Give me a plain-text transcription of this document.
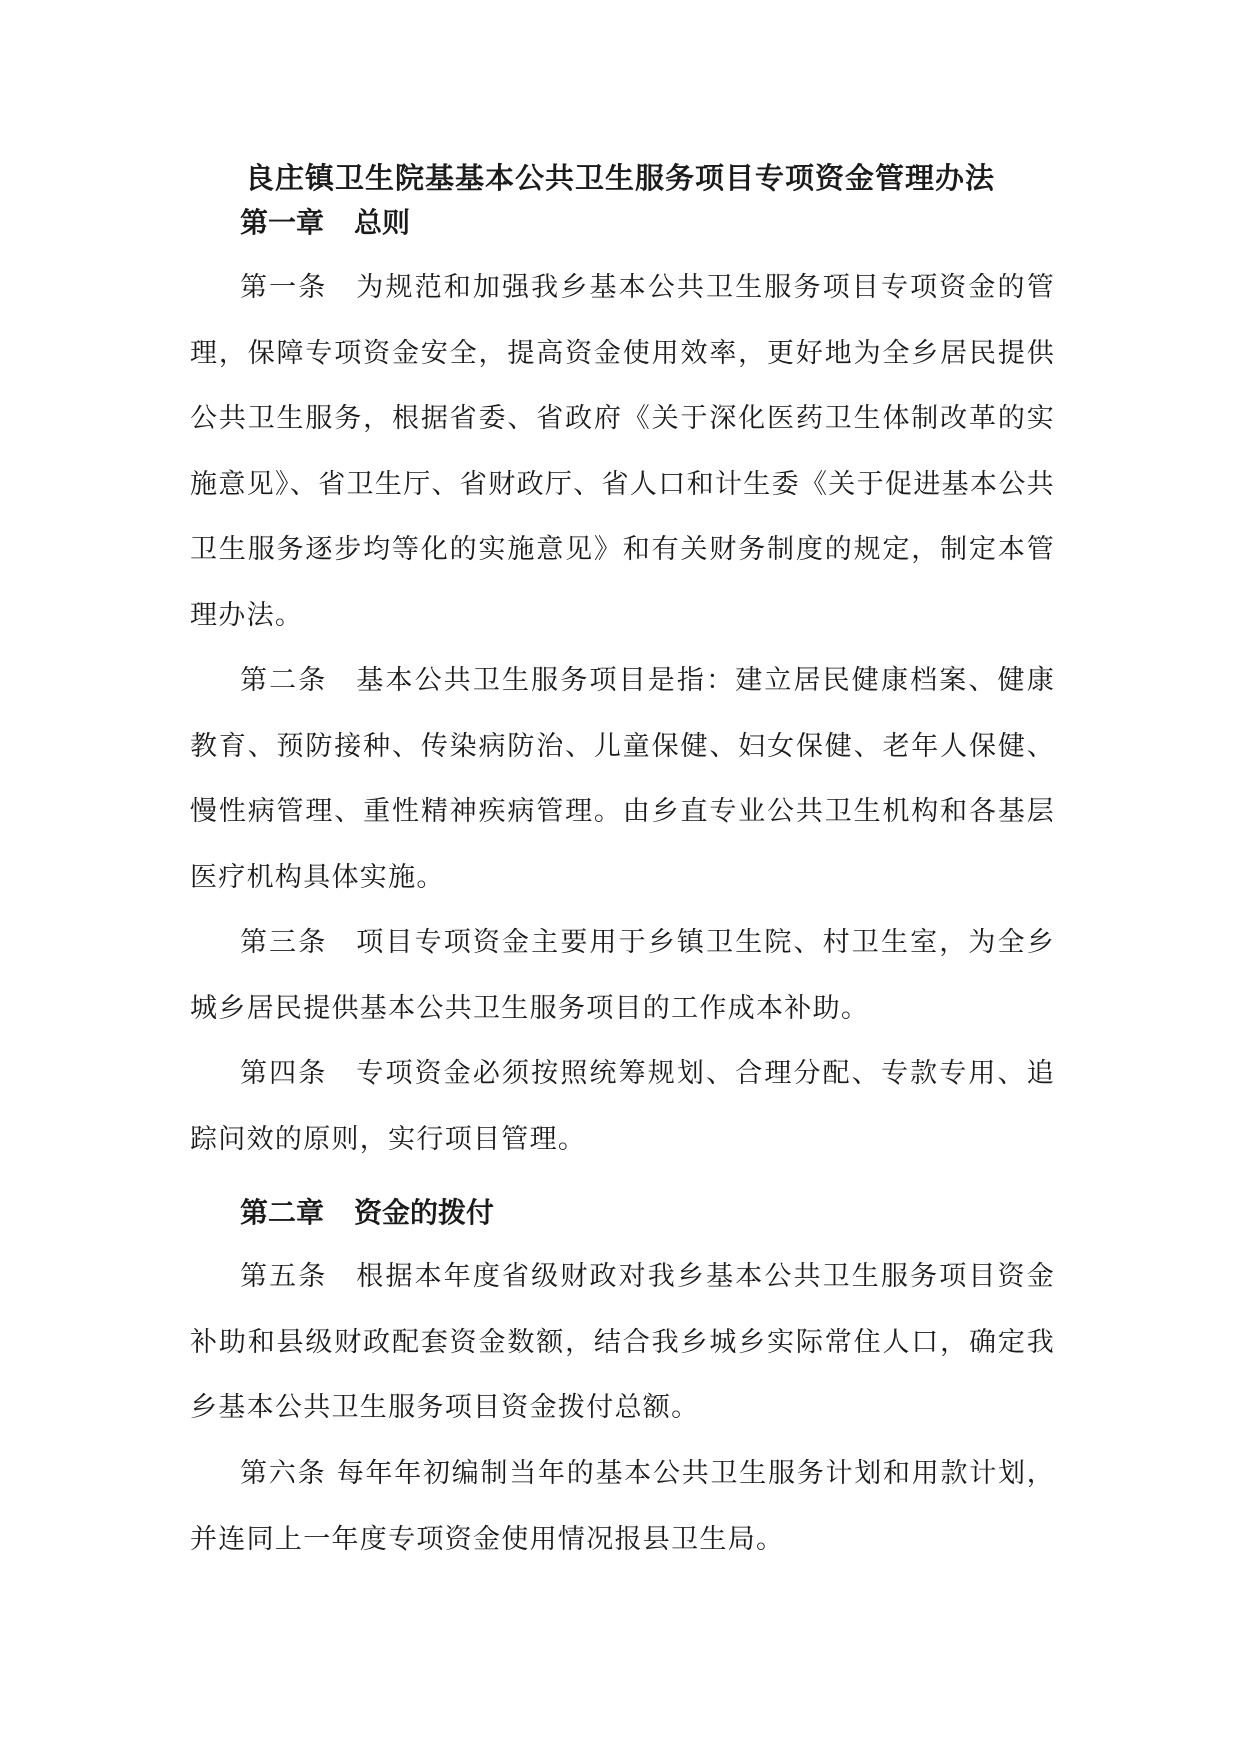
良庄镇卫生院基基本公共卫生服务项目专项资金管理办法
第一章 总则
第一条 为规范和加强我乡基本公共卫生服务项目专项资金的管理，保障专项资金安全，提高资金使用效率，更好地为全乡居民提供公共卫生服务，根据省委、省政府《关于深化医药卫生体制改革的实施意见》、省卫生厅、省财政厅、省人口和计生委《关于促进基本公共卫生服务逐步均等化的实施意见》和有关财务制度的规定，制定本管理办法。
第二条 基本公共卫生服务项目是指：建立居民健康档案、健康教育、预防接种、传染病防治、儿童保健、妇女保健、老年人保健、慢性病管理、重性精神疾病管理。由乡直专业公共卫生机构和各基层医疗机构具体实施。
第三条 项目专项资金主要用于乡镇卫生院、村卫生室，为全乡城乡居民提供基本公共卫生服务项目的工作成本补助。
第四条 专项资金必须按照统筹规划、合理分配、专款专用、追踪问效的原则，实行项目管理。
第二章 资金的拨付
第五条 根据本年度省级财政对我乡基本公共卫生服务项目资金补助和县级财政配套资金数额，结合我乡城乡实际常住人口，确定我乡基本公共卫生服务项目资金拨付总额。
第六条 每年年初编制当年的基本公共卫生服务计划和用款计划，并连同上一年度专项资金使用情况报县卫生局。
